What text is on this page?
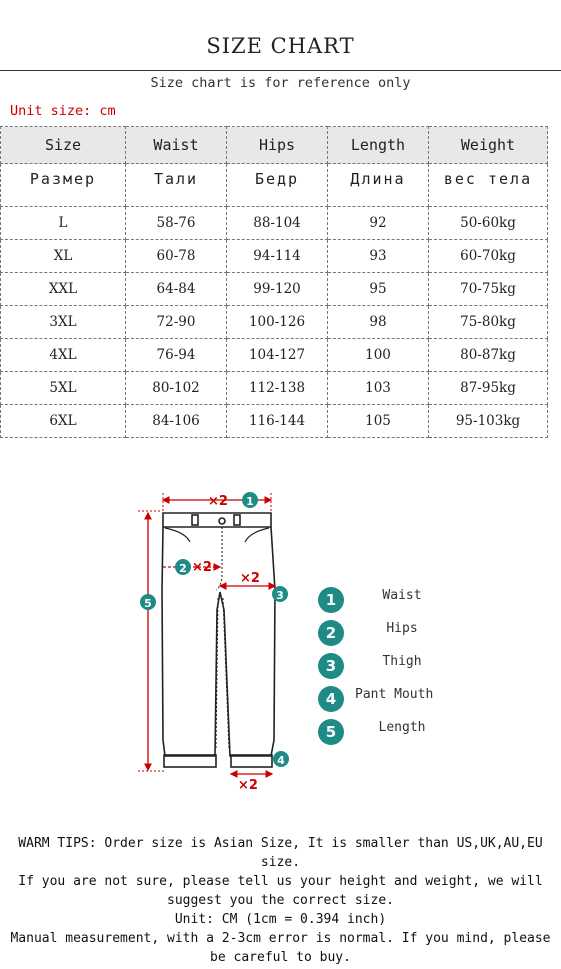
SIZE CHART
Size chart is for reference only
Unit size: cm
Size	Waist	Hips	Length	Weight
Размер	Тали	Бедр	Длина	вес тела
L	58-76	88-104	92	50-60kg
XL	60-78	94-114	93	60-70kg
XXL	64-84	99-120	95	70-75kg
3XL	72-90	100-126	98	75-80kg
4XL	76-94	104-127	100	80-87kg
5XL	80-102	112-138	103	87-95kg
6XL	84-106	116-144	105	95-103kg
×2 1
2 ×2
×2
3
5
×2
4
1	Waist
2	Hips
3	Thigh
4	Pant Mouth
5	Length
WARM TIPS: Order size is Asian Size, It is smaller than US,UK,AU,EU size.
If you are not sure, please tell us your height and weight, we will suggest you the correct size.
Unit: CM (1cm = 0.394 inch)
Manual measurement, with a 2-3cm error is normal. If you mind, please be careful to buy.
